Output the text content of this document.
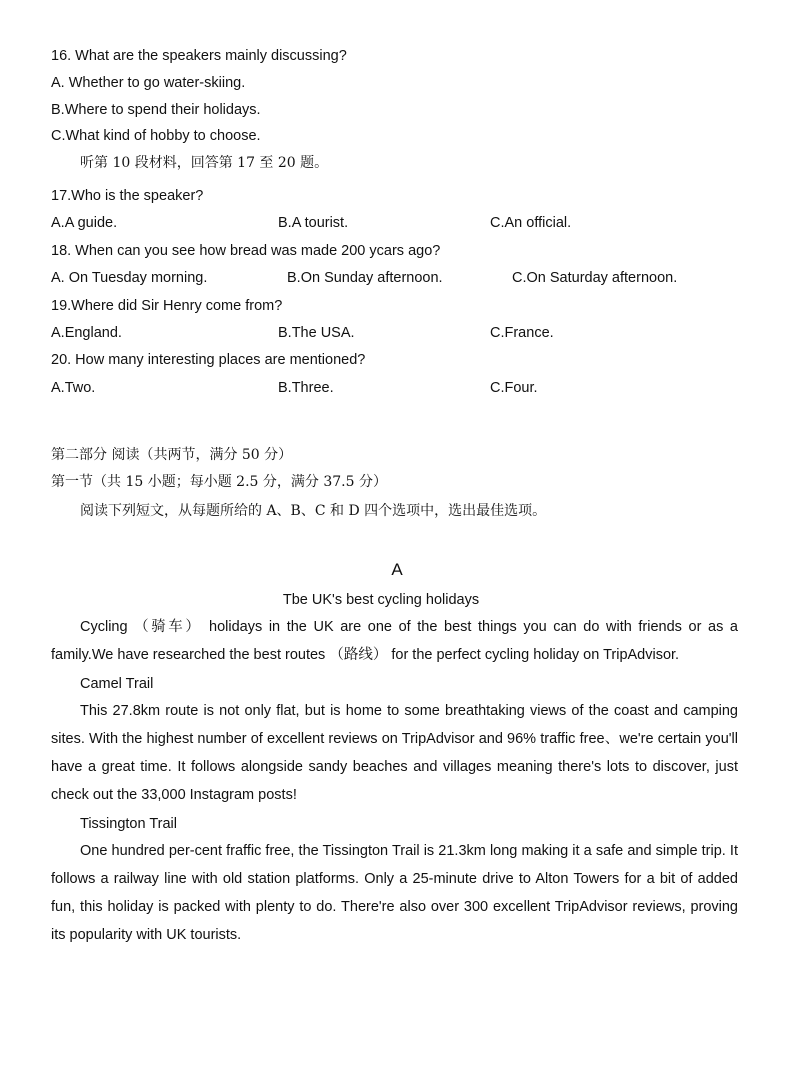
16. What are the speakers mainly discussing?
A. Whether to go water-skiing.
B.Where to spend their holidays.
C.What kind of hobby to choose.
听第 10 段材料，回答第 17 至 20 题。
17.Who is the speaker?
A.A guide.	B.A tourist.	C.An official.
18. When can you see how bread was made 200 ycars ago?
A. On Tuesday morning.	B.On Sunday afternoon.	C.On Saturday afternoon.
19.Where did Sir Henry come from?
A.England.	B.The USA.	C.France.
20. How many interesting places are mentioned?
A.Two.	B.Three.	C.Four.
第二部分 阅读（共两节，满分 50 分）
第一节（共 15 小题；每小题 2.5 分，满分 37.5 分）
阅读下列短文，从每题所给的 A、B、C 和 D 四个选项中，选出最佳选项。
A
Tbe UK's best cycling holidays
Cycling （骑车） holidays in the UK are one of the best things you can do with friends or as a family.We have researched the best routes （路线） for the perfect cycling holiday on TripAdvisor.
Camel Trail
This 27.8km route is not only flat, but is home to some breathtaking views of the coast and camping sites. With the highest number of excellent reviews on TripAdvisor and 96% traffic free、we're certain you'll have a great time. It follows alongside sandy beaches and villages meaning there's lots to discover, just check out the 33,000 Instagram posts!
Tissington Trail
One hundred per-cent fraffic free, the Tissington Trail is 21.3km long making it a safe and simple trip. It follows a railway line with old station platforms. Only a 25-minute drive to Alton Towers for a bit of added fun, this holiday is packed with plenty to do. There're also over 300 excellent TripAdvisor reviews, proving its popularity with UK tourists.
